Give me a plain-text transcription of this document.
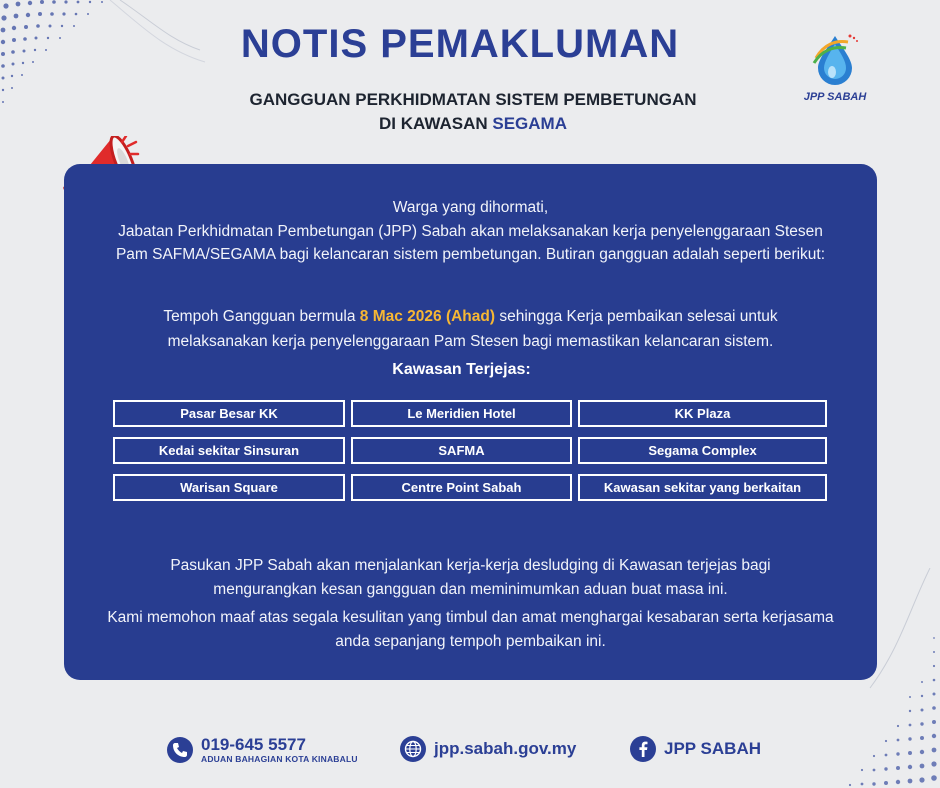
NOTIS PEMAKLUMAN
GANGGUAN PERKHIDMATAN SISTEM PEMBETUNGAN
DI KAWASAN SEGAMA
JPP SABAH
Warga yang dihormati,
Jabatan Perkhidmatan Pembetungan (JPP) Sabah akan melaksanakan kerja penyelenggaraan Stesen Pam SAFMA/SEGAMA bagi kelancaran sistem pembetungan. Butiran gangguan adalah seperti berikut:
Tempoh Gangguan bermula 8 Mac 2026 (Ahad) sehingga Kerja pembaikan selesai untuk
melaksanakan kerja penyelenggaraan Pam Stesen bagi memastikan kelancaran sistem.
Kawasan Terjejas:
Pasar Besar KK	Le Meridien Hotel	KK Plaza
Kedai sekitar Sinsuran	SAFMA	Segama Complex
Warisan Square	Centre Point Sabah	Kawasan sekitar yang berkaitan
Pasukan JPP Sabah akan menjalankan kerja-kerja desludging di Kawasan terjejas bagi mengurangkan kesan gangguan dan meminimumkan aduan buat masa ini.
Kami memohon maaf atas segala kesulitan yang timbul dan amat menghargai kesabaran serta kerjasama anda sepanjang tempoh pembaikan ini.
019-645 5577
ADUAN BAHAGIAN KOTA KINABALU
jpp.sabah.gov.my	JPP SABAH
